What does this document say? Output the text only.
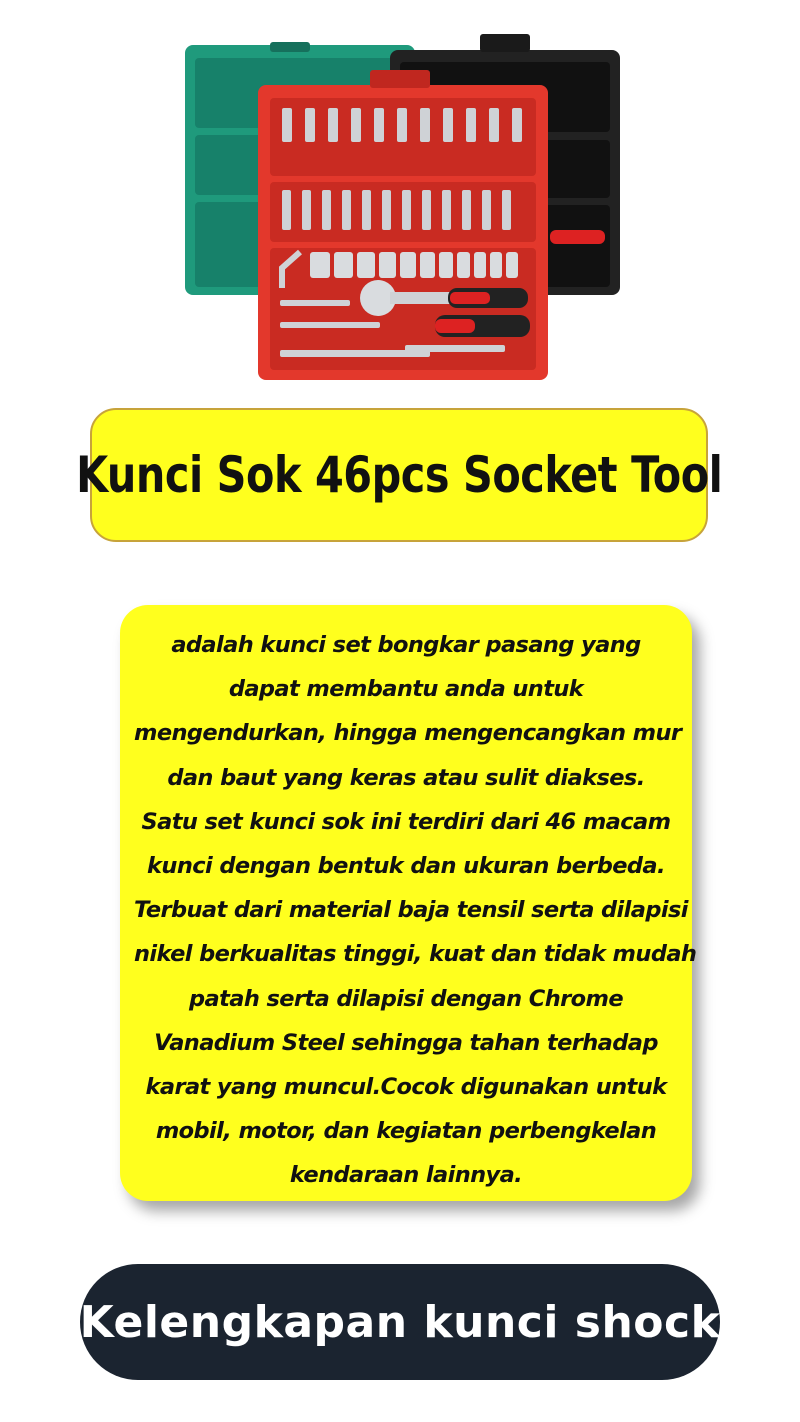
Kunci Sok 46pcs Socket Tool
adalah kunci set bongkar pasang yang
dapat membantu anda untuk
mengendurkan, hingga mengencangkan mur
dan baut yang keras atau sulit diakses.
Satu set kunci sok ini terdiri dari 46 macam
kunci dengan bentuk dan ukuran berbeda.
Terbuat dari material baja tensil serta dilapisi
nikel berkualitas tinggi, kuat dan tidak mudah
patah serta dilapisi dengan Chrome
Vanadium Steel sehingga tahan terhadap
karat yang muncul.Cocok digunakan untuk
mobil, motor, dan kegiatan perbengkelan
kendaraan lainnya.
Kelengkapan kunci shock
